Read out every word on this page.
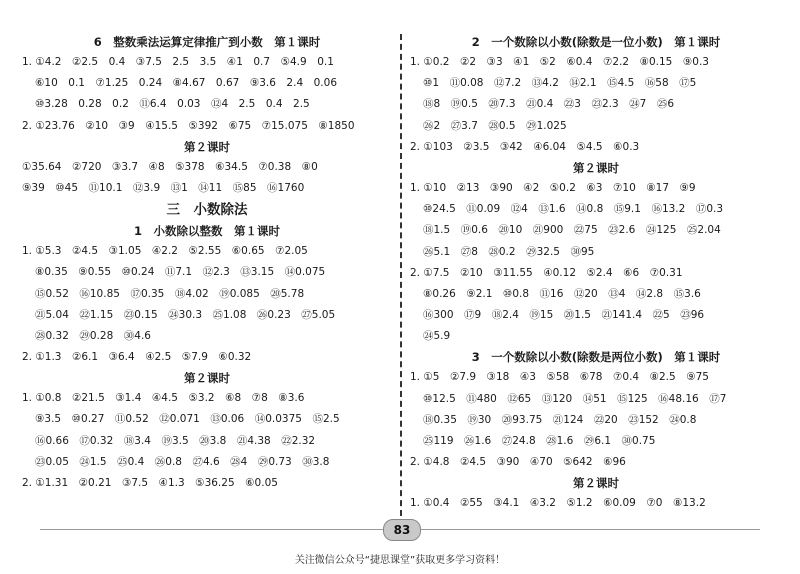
6　整数乘法运算定律推广到小数　第１课时
1. ①4.2　②2.5　0.4　③7.5　2.5　3.5　④1　0.7　⑤4.9　0.1
⑥10　0.1　⑦1.25　0.24　⑧4.67　0.67　⑨3.6　2.4　0.06
⑩3.28　0.28　0.2　⑪6.4　0.03　⑫4　2.5　0.4　2.5
2. ①23.76　②10　③9　④15.5　⑤392　⑥75　⑦15.075　⑧1850
第２课时
①35.64　②720　③3.7　④8　⑤378　⑥34.5　⑦0.38　⑧0
⑨39　⑩45　⑪10.1　⑫3.9　⑬1　⑭11　⑮85　⑯1760
三　小数除法
1　小数除以整数　第１课时
1. ①5.3　②4.5　③1.05　④2.2　⑤2.55　⑥0.65　⑦2.05
⑧0.35　⑨0.55　⑩0.24　⑪7.1　⑫2.3　⑬3.15　⑭0.075
⑮0.52　⑯10.85　⑰0.35　⑱4.02　⑲0.085　⑳5.78
㉑5.04　㉒1.15　㉓0.15　㉔30.3　㉕1.08　㉖0.23　㉗5.05
㉘0.32　㉙0.28　㉚4.6
2. ①1.3　②6.1　③6.4　④2.5　⑤7.9　⑥0.32
第２课时
1. ①0.8　②21.5　③1.4　④4.5　⑤3.2　⑥8　⑦8　⑧3.6
⑨3.5　⑩0.27　⑪0.52　⑫0.071　⑬0.06　⑭0.0375　⑮2.5
⑯0.66　⑰0.32　⑱3.4　⑲3.5　⑳3.8　㉑4.38　㉒2.32
㉓0.05　㉔1.5　㉕0.4　㉖0.8　㉗4.6　㉘4　㉙0.73　㉚3.8
2. ①1.31　②0.21　③7.5　④1.3　⑤36.25　⑥0.05
2　一个数除以小数(除数是一位小数)　第１课时
1. ①0.2　②2　③3　④1　⑤2　⑥0.4　⑦2.2　⑧0.15　⑨0.3
⑩1　⑪0.08　⑫7.2　⑬4.2　⑭2.1　⑮4.5　⑯58　⑰5
⑱8　⑲0.5　⑳7.3　㉑0.4　㉒3　㉓2.3　㉔7　㉕6
㉖2　㉗3.7　㉘0.5　㉙1.025
2. ①103　②3.5　③42　④6.04　⑤4.5　⑥0.3
第２课时
1. ①10　②13　③90　④2　⑤0.2　⑥3　⑦10　⑧17　⑨9
⑩24.5　⑪0.09　⑫4　⑬1.6　⑭0.8　⑮9.1　⑯13.2　⑰0.3
⑱1.5　⑲0.6　⑳10　㉑900　㉒75　㉓2.6　㉔125　㉕2.04
㉖5.1　㉗8　㉘0.2　㉙32.5　㉚95
2. ①7.5　②10　③11.55　④0.12　⑤2.4　⑥6　⑦0.31
⑧0.26　⑨2.1　⑩0.8　⑪16　⑫20　⑬4　⑭2.8　⑮3.6
⑯300　⑰9　⑱2.4　⑲15　⑳1.5　㉑141.4　㉒5　㉓96
㉔5.9
3　一个数除以小数(除数是两位小数)　第１课时
1. ①5　②7.9　③18　④3　⑤58　⑥78　⑦0.4　⑧2.5　⑨75
⑩12.5　⑪480　⑫65　⑬120　⑭51　⑮125　⑯48.16　⑰7
⑱0.35　⑲30　⑳93.75　㉑124　㉒20　㉓152　㉔0.8
㉕119　㉖1.6　㉗24.8　㉘1.6　㉙6.1　㉚0.75
2. ①4.8　②4.5　③90　④70　⑤642　⑥96
第２课时
1. ①0.4　②55　③4.1　④3.2　⑤1.2　⑥0.09　⑦0　⑧13.2
83
关注微信公众号“捷思课堂”获取更多学习资料！
